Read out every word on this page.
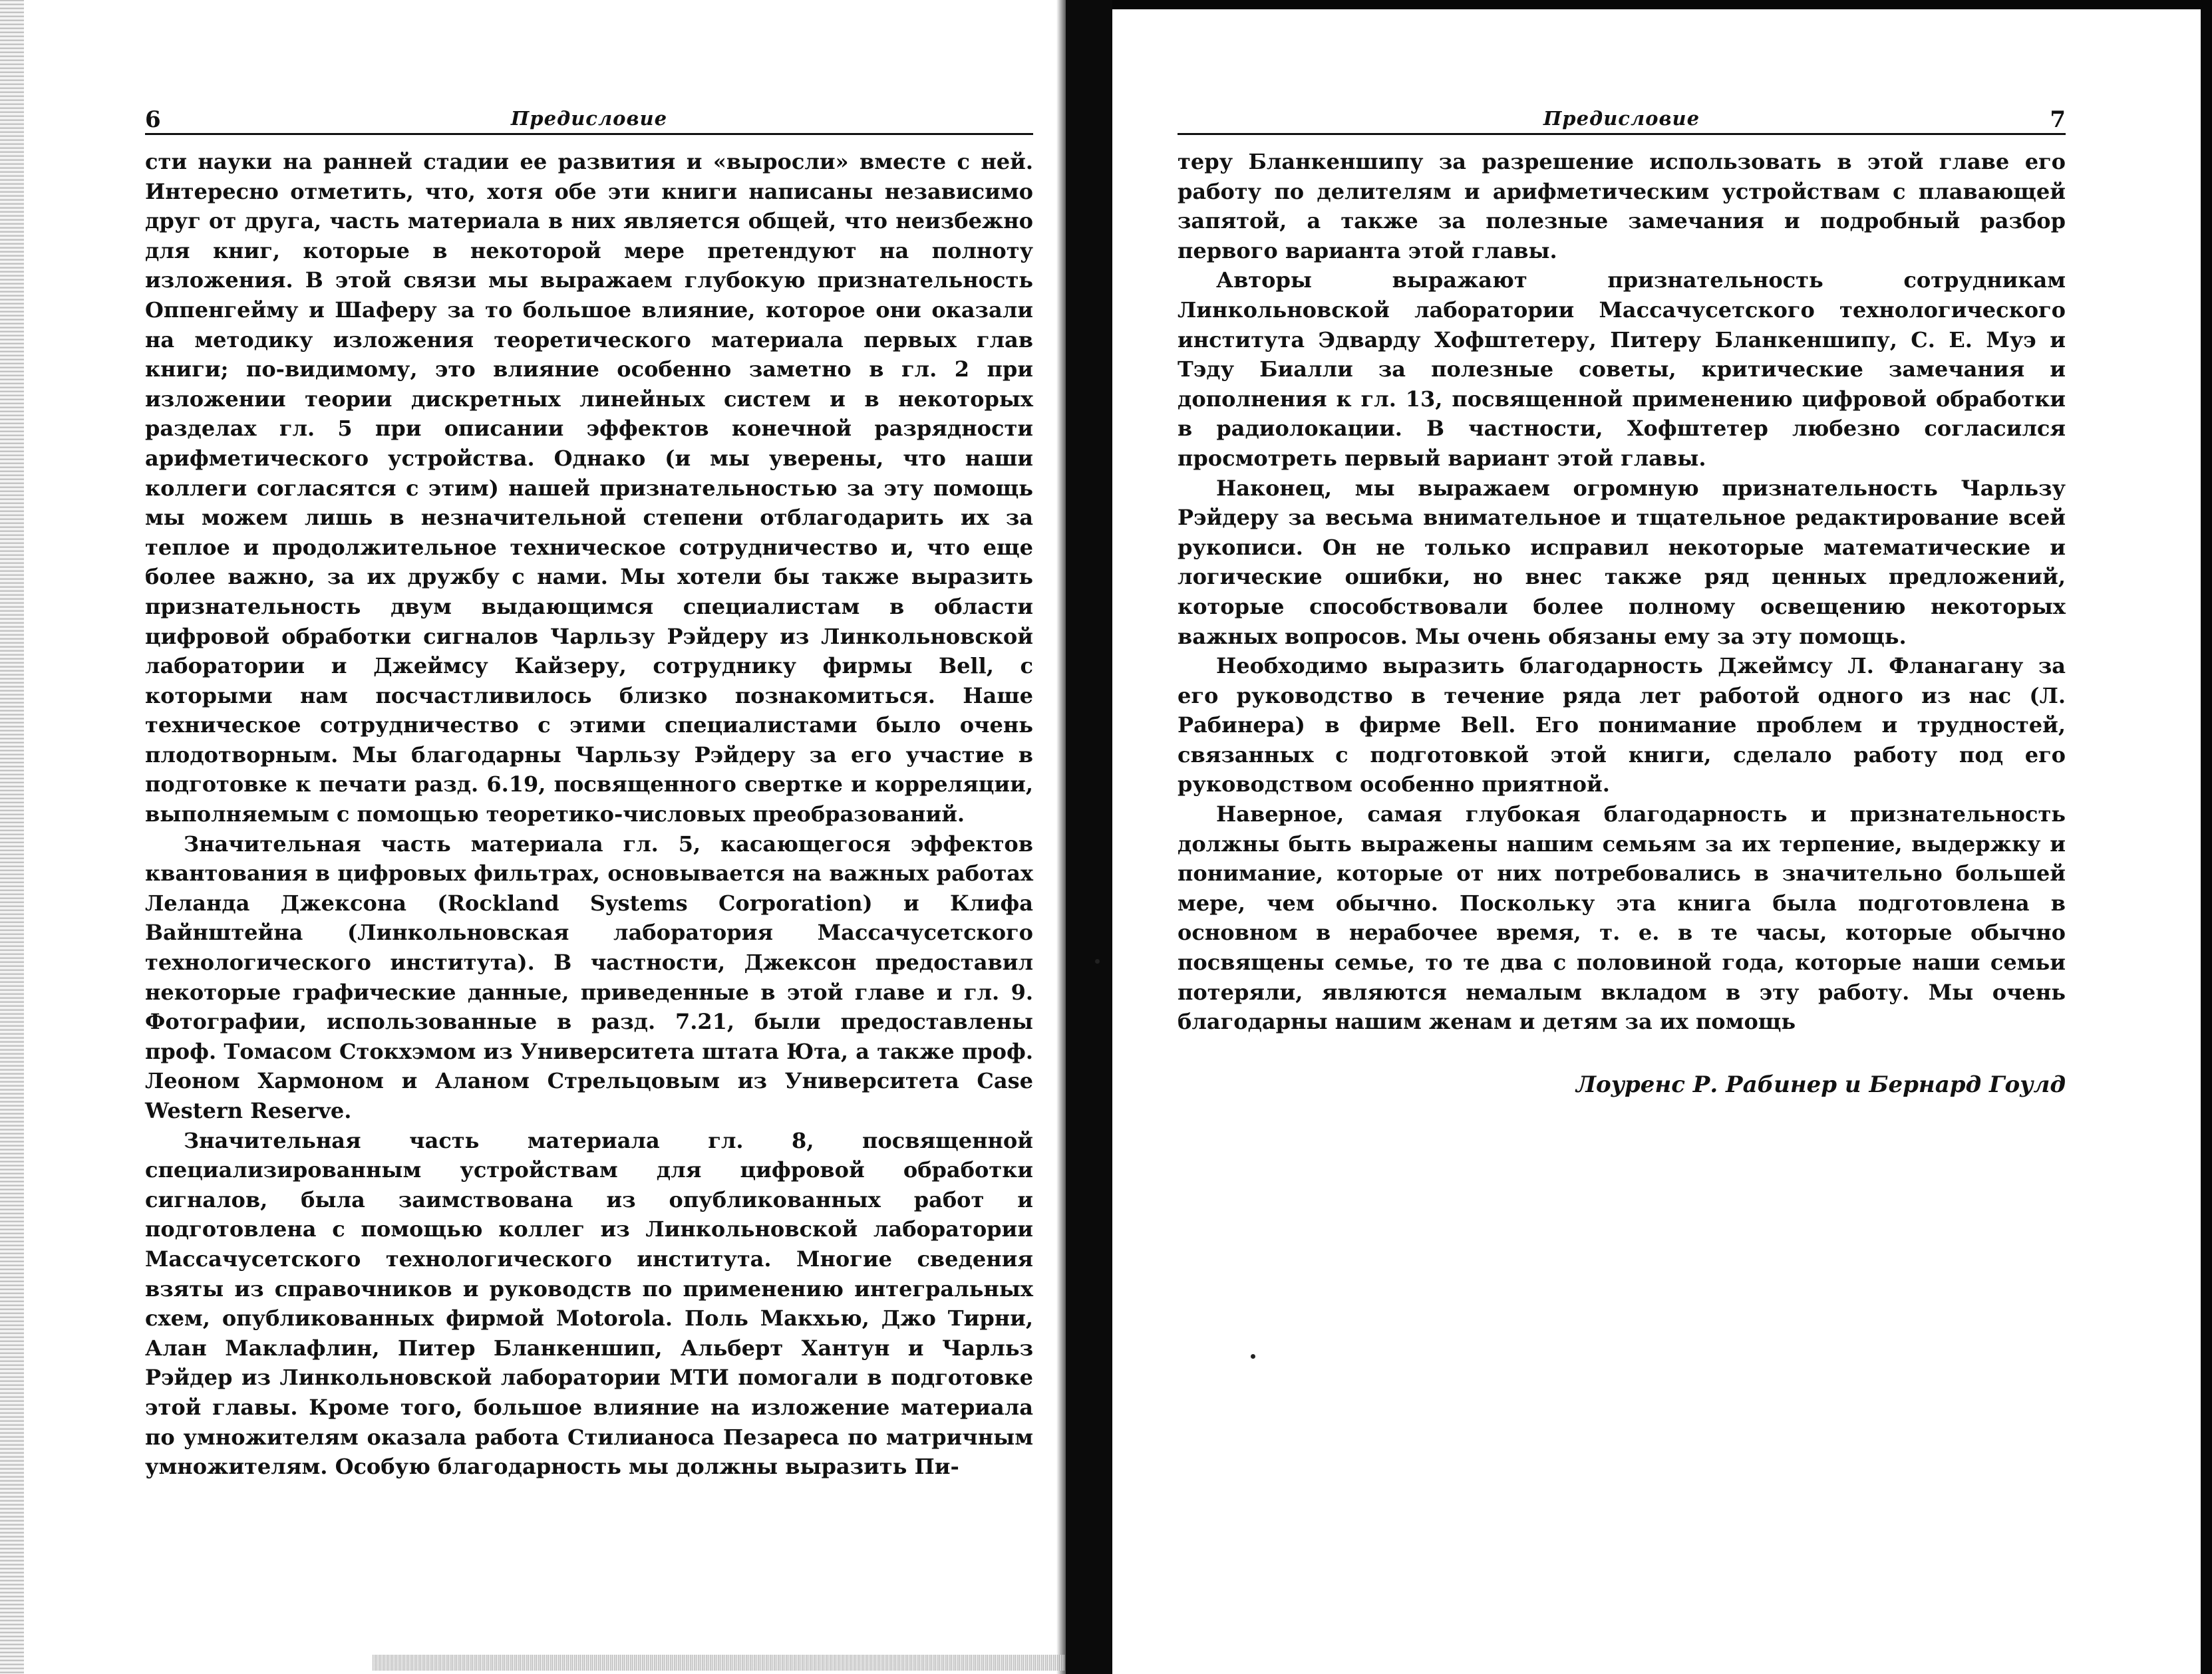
6	Предисловие

сти науки на ранней стадии ее развития и «выросли» вместе с ней. Интересно отметить, что, хотя обе эти книги написаны независимо друг от друга, часть материала в них является общей, что неизбежно для книг, которые в некоторой мере претендуют на полноту изложения. В этой связи мы выражаем глубокую признательность Оппенгейму и Шаферу за то большое влияние, которое они оказали на методику изложения теоретического материала первых глав книги; по-видимому, это влияние особенно заметно в гл. 2 при изложении теории дискретных линейных систем и в некоторых разделах гл. 5 при описании эффектов конечной разрядности арифметического устройства. Однако (и мы уверены, что наши коллеги согласятся с этим) нашей признательностью за эту помощь мы можем лишь в незначительной степени отблагодарить их за теплое и продолжительное техническое сотрудничество и, что еще более важно, за их дружбу с нами. Мы хотели бы также выразить признательность двум выдающимся специалистам в области цифровой обработки сигналов Чарльзу Рэйдеру из Линкольновской лаборатории и Джеймсу Кайзеру, сотруднику фирмы Bell, с которыми нам посчастливилось близко познакомиться. Наше техническое сотрудничество с этими специалистами было очень плодотворным. Мы благодарны Чарльзу Рэйдеру за его участие в подготовке к печати разд. 6.19, посвященного свертке и корреляции, выполняемым с помощью теоретико-числовых преобразований.

Значительная часть материала гл. 5, касающегося эффектов квантования в цифровых фильтрах, основывается на важных работах Леланда Джексона (Rockland Systems Corporation) и Клифа Вайнштейна (Линкольновская лаборатория Массачусетского технологического института). В частности, Джексон предоставил некоторые графические данные, приведенные в этой главе и гл. 9. Фотографии, использованные в разд. 7.21, были предоставлены проф. Томасом Стокхэмом из Университета штата Юта, а также проф. Леоном Хармоном и Аланом Стрельцовым из Университета Case Western Reserve.

Значительная часть материала гл. 8, посвященной специализированным устройствам для цифровой обработки сигналов, была заимствована из опубликованных работ и подготовлена с помощью коллег из Линкольновской лаборатории Массачусетского технологического института. Многие сведения взяты из справочников и руководств по применению интегральных схем, опубликованных фирмой Motorola. Поль Макхью, Джо Тирни, Алан Маклафлин, Питер Бланкеншип, Альберт Хантун и Чарльз Рэйдер из Линкольновской лаборатории МТИ помогали в подготовке этой главы. Кроме того, большое влияние на изложение материала по умножителям оказала работа Стилианоса Пезареса по матричным умножителям. Особую благодарность мы должны выразить Пи-

Предисловие	7

теру Бланкеншипу за разрешение использовать в этой главе его работу по делителям и арифметическим устройствам с плавающей запятой, а также за полезные замечания и подробный разбор первого варианта этой главы.

Авторы выражают признательность сотрудникам Линкольновской лаборатории Массачусетского технологического института Эдварду Хофштетеру, Питеру Бланкеншипу, С. Е. Муэ и Тэду Биалли за полезные советы, критические замечания и дополнения к гл. 13, посвященной применению цифровой обработки в радиолокации. В частности, Хофштетер любезно согласился просмотреть первый вариант этой главы.

Наконец, мы выражаем огромную признательность Чарльзу Рэйдеру за весьма внимательное и тщательное редактирование всей рукописи. Он не только исправил некоторые математические и логические ошибки, но внес также ряд ценных предложений, которые способствовали более полному освещению некоторых важных вопросов. Мы очень обязаны ему за эту помощь.

Необходимо выразить благодарность Джеймсу Л. Фланагану за его руководство в течение ряда лет работой одного из нас (Л. Рабинера) в фирме Bell. Его понимание проблем и трудностей, связанных с подготовкой этой книги, сделало работу под его руководством особенно приятной.

Наверное, самая глубокая благодарность и признательность должны быть выражены нашим семьям за их терпение, выдержку и понимание, которые от них потребовались в значительно большей мере, чем обычно. Поскольку эта книга была подготовлена в основном в нерабочее время, т. е. в те часы, которые обычно посвящены семье, то те два с половиной года, которые наши семьи потеряли, являются немалым вкладом в эту работу. Мы очень благодарны нашим женам и детям за их помощь

Лоуренс Р. Рабинер и Бернард Гоулд
